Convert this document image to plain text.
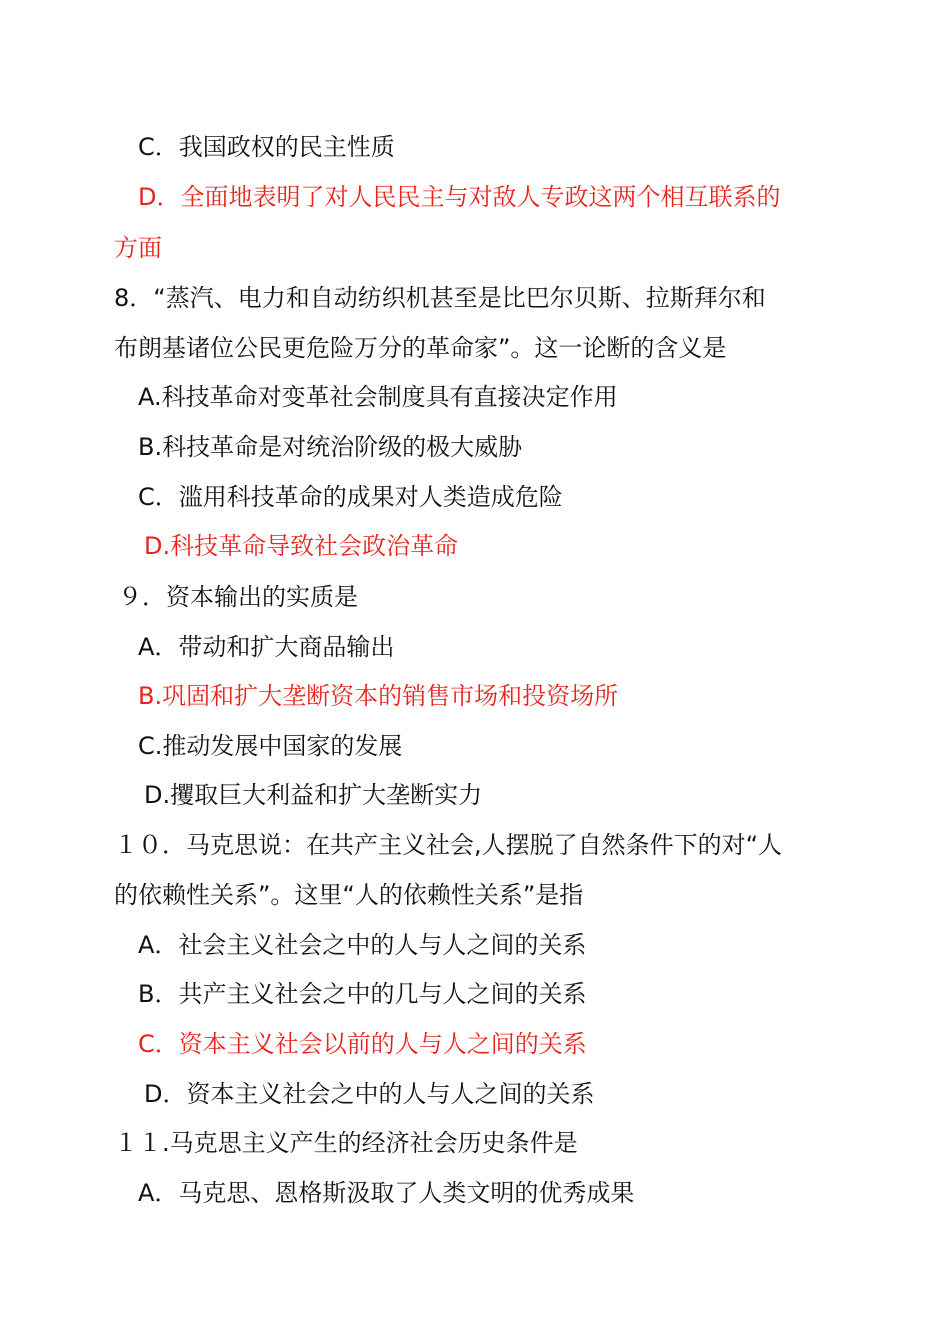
C．我国政权的民主性质
D．全面地表明了对人民民主与对敌人专政这两个相互联系的
方面
8．“蒸汽、电力和自动纺织机甚至是比巴尔贝斯、拉斯拜尔和
布朗基诸位公民更危险万分的革命家”。这一论断的含义是
A.科技革命对变革社会制度具有直接决定作用
B.科技革命是对统治阶级的极大威胁
C．滥用科技革命的成果对人类造成危险
D.科技革命导致社会政治革命
９．资本输出的实质是
A．带动和扩大商品输出
B.巩固和扩大垄断资本的销售市场和投资场所
C.推动发展中国家的发展
D.攫取巨大利益和扩大垄断实力
１０．马克思说：在共产主义社会,人摆脱了自然条件下的对“人
的依赖性关系”。这里“人的依赖性关系”是指
A．社会主义社会之中的人与人之间的关系
B．共产主义社会之中的几与人之间的关系
C．资本主义社会以前的人与人之间的关系
D．资本主义社会之中的人与人之间的关系
１１.马克思主义产生的经济社会历史条件是
A．马克思、恩格斯汲取了人类文明的优秀成果
